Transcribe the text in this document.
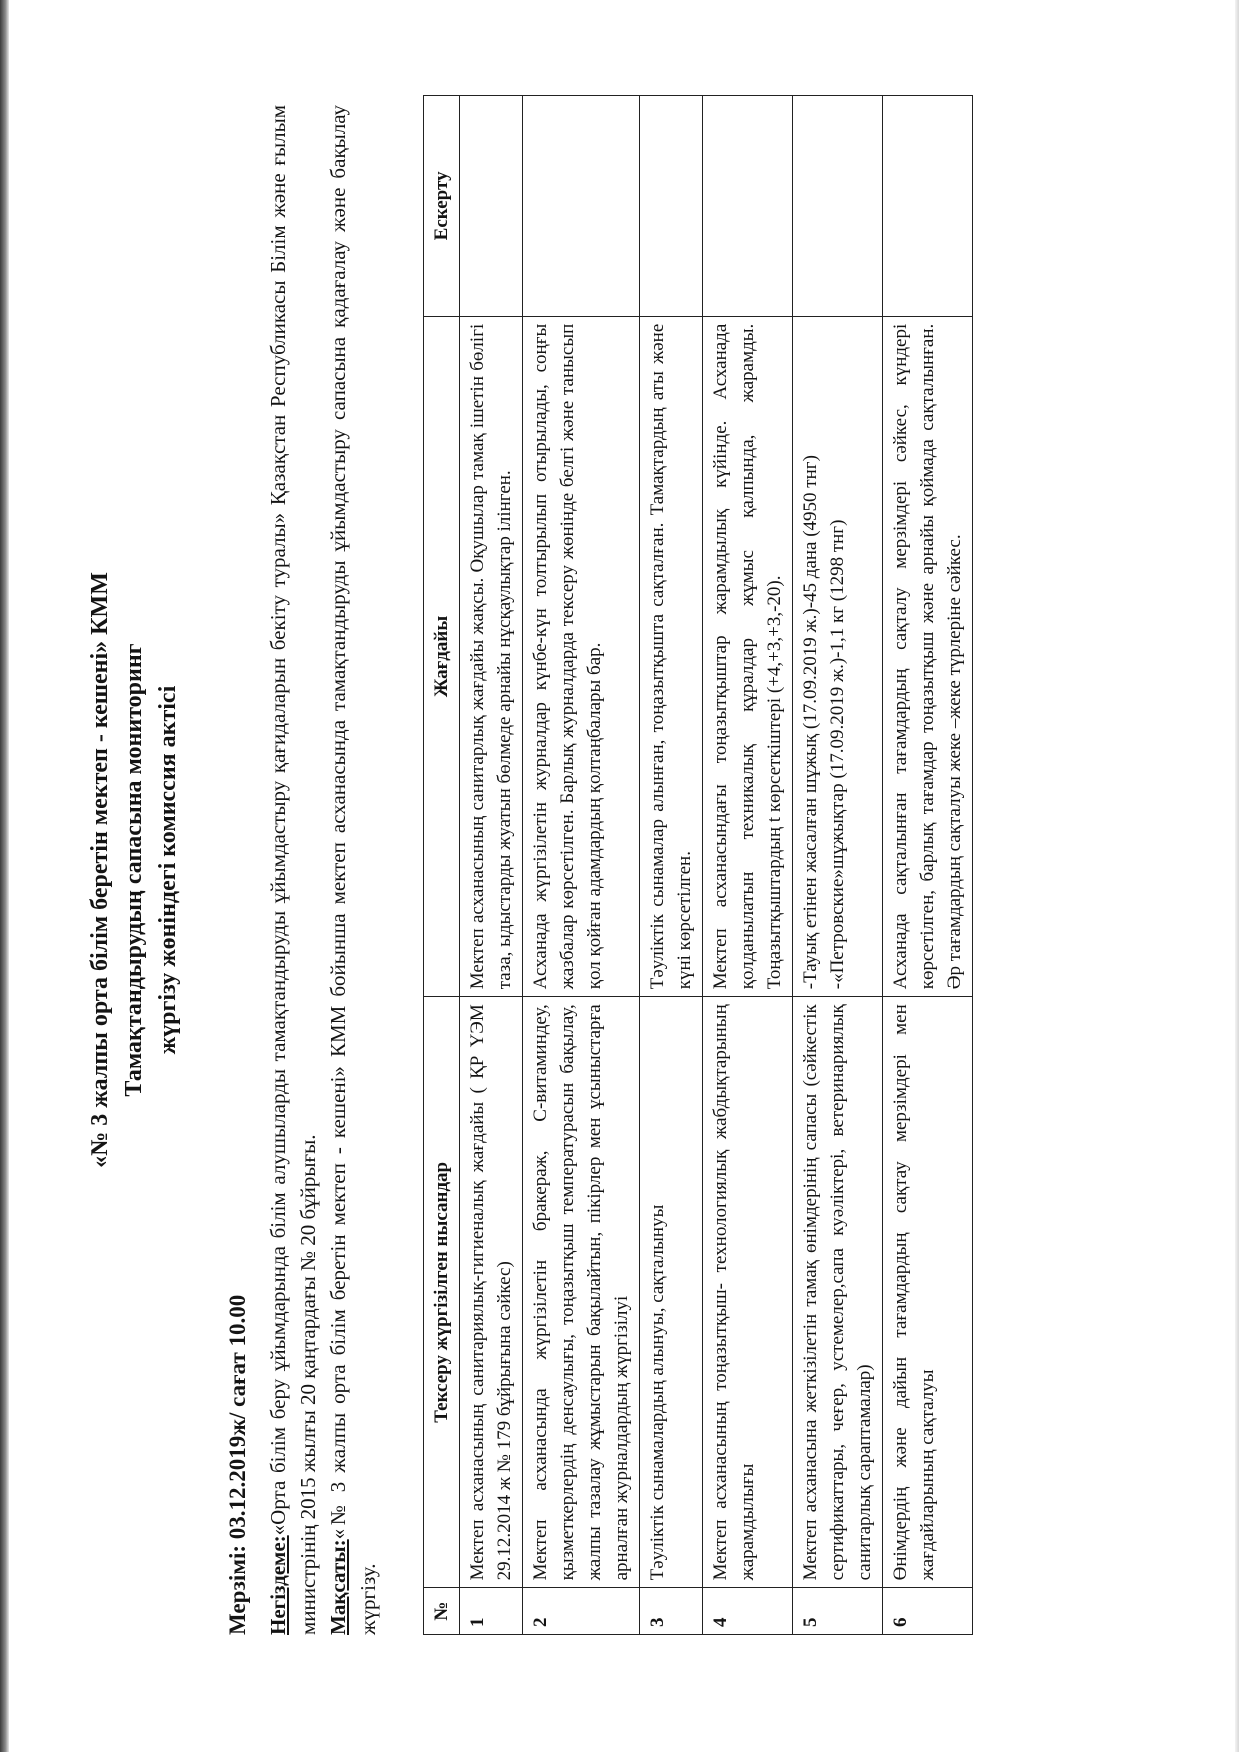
«№ 3 жалпы орта білім беретін мектеп - кешені» КММ Тамақтандырудың сапасына мониторинг жүргізу жөніндегі комиссия актісі

Мерзімі: 03.12.2019ж/ сағат 10.00 Негіздеме:«Орта білім беру ұйымдарында білім алушыларды тамақтандыруды ұйымдастыру қағидаларын бекіту туралы» Қазақстан Республикасы Білім және ғылым министрінің 2015 жылғы 20 қаңтардағы № 20 бұйрығы. Мақсаты:«№ 3 жалпы орта білім беретін мектеп - кешені» КММ бойынша мектеп асханасында тамақтандыруды ұйымдастыру сапасына қадағалау және бақылау жүргізу.	№	Тексеру жүргізілген нысандар	Жағдайы	Ескерту
1	Мектеп асханасының санитариялық-гигиеналық жағдайы ( ҚР ҮЭМ 29.12.2014 ж № 179 бұйрығына сәйкес)	Мектеп асханасының санитарлық жағдайы жақсы. Оқушылар тамақ ішетін бөлігі таза, ыдыстарды жуатын бөлмеде арнайы нұсқаулықтар ілінген.	
2	Мектеп асханасында жүргізілетін бракераж, С-витаминдеу, қызметкерлердің денсаулығы, тоңазытқыш температурасын бақылау, жалпы тазалау жұмыстарын бақылайтын, пікірлер мен ұсыныстарға арналған журналдардың жүргізілуі	Асханада жүргізілетін журналдар күнбе-күн толтырылып отырылады, соңғы жазбалар көрсетілген. Барлық журналдарда тексеру жөнінде белгі және танысып қол қойған адамдардың қолтаңбалары бар.	
3	Тәуліктік сынамалардың алынуы, сақталынуы	Тәуліктік сынамалар алынған, тоңазытқышта сақталған. Тамақтардың аты және күні көрсетілген.	
4	Мектеп асханасының тоңазытқыш- технологиялық жабдықтарының жарамдылығы	Мектеп асханасындағы тоңазытқыштар жарамдылық күйінде. Асханада қолданылатын техникалық құралдар жұмыс қалпында, жарамды. Тоңазытқыштардың t көрсеткіштері (+4,+3,+3,-20).	
5	Мектеп асханасына жеткізілетін тамақ өнімдерінің сапасы (сәйкестік сертификаттары, чеғер, устемелер,сапа куәліктері, ветеринариялық санитарлық сараптамалар)	-Тауық етінен жасалған шұжық (17.09.2019 ж.)-45 дана (4950 тнг)
-«Петровские»шұжықтар (17.09.2019 ж.)-1,1 кг (1298 тнг)	
6	Өнімдердің және дайын тағамдардың сақтау мерзімдері мен жағдайларының сақталуы	Асханада сақталынған тағамдардың сақталу мерзімдері сәйкес, күндері көрсетілген, барлық тағамдар тоңазытқыш және арнайы қоймада сақталынған. Әр тағамдардың сақталуы жеке –жеке түрлеріне сәйкес.	
